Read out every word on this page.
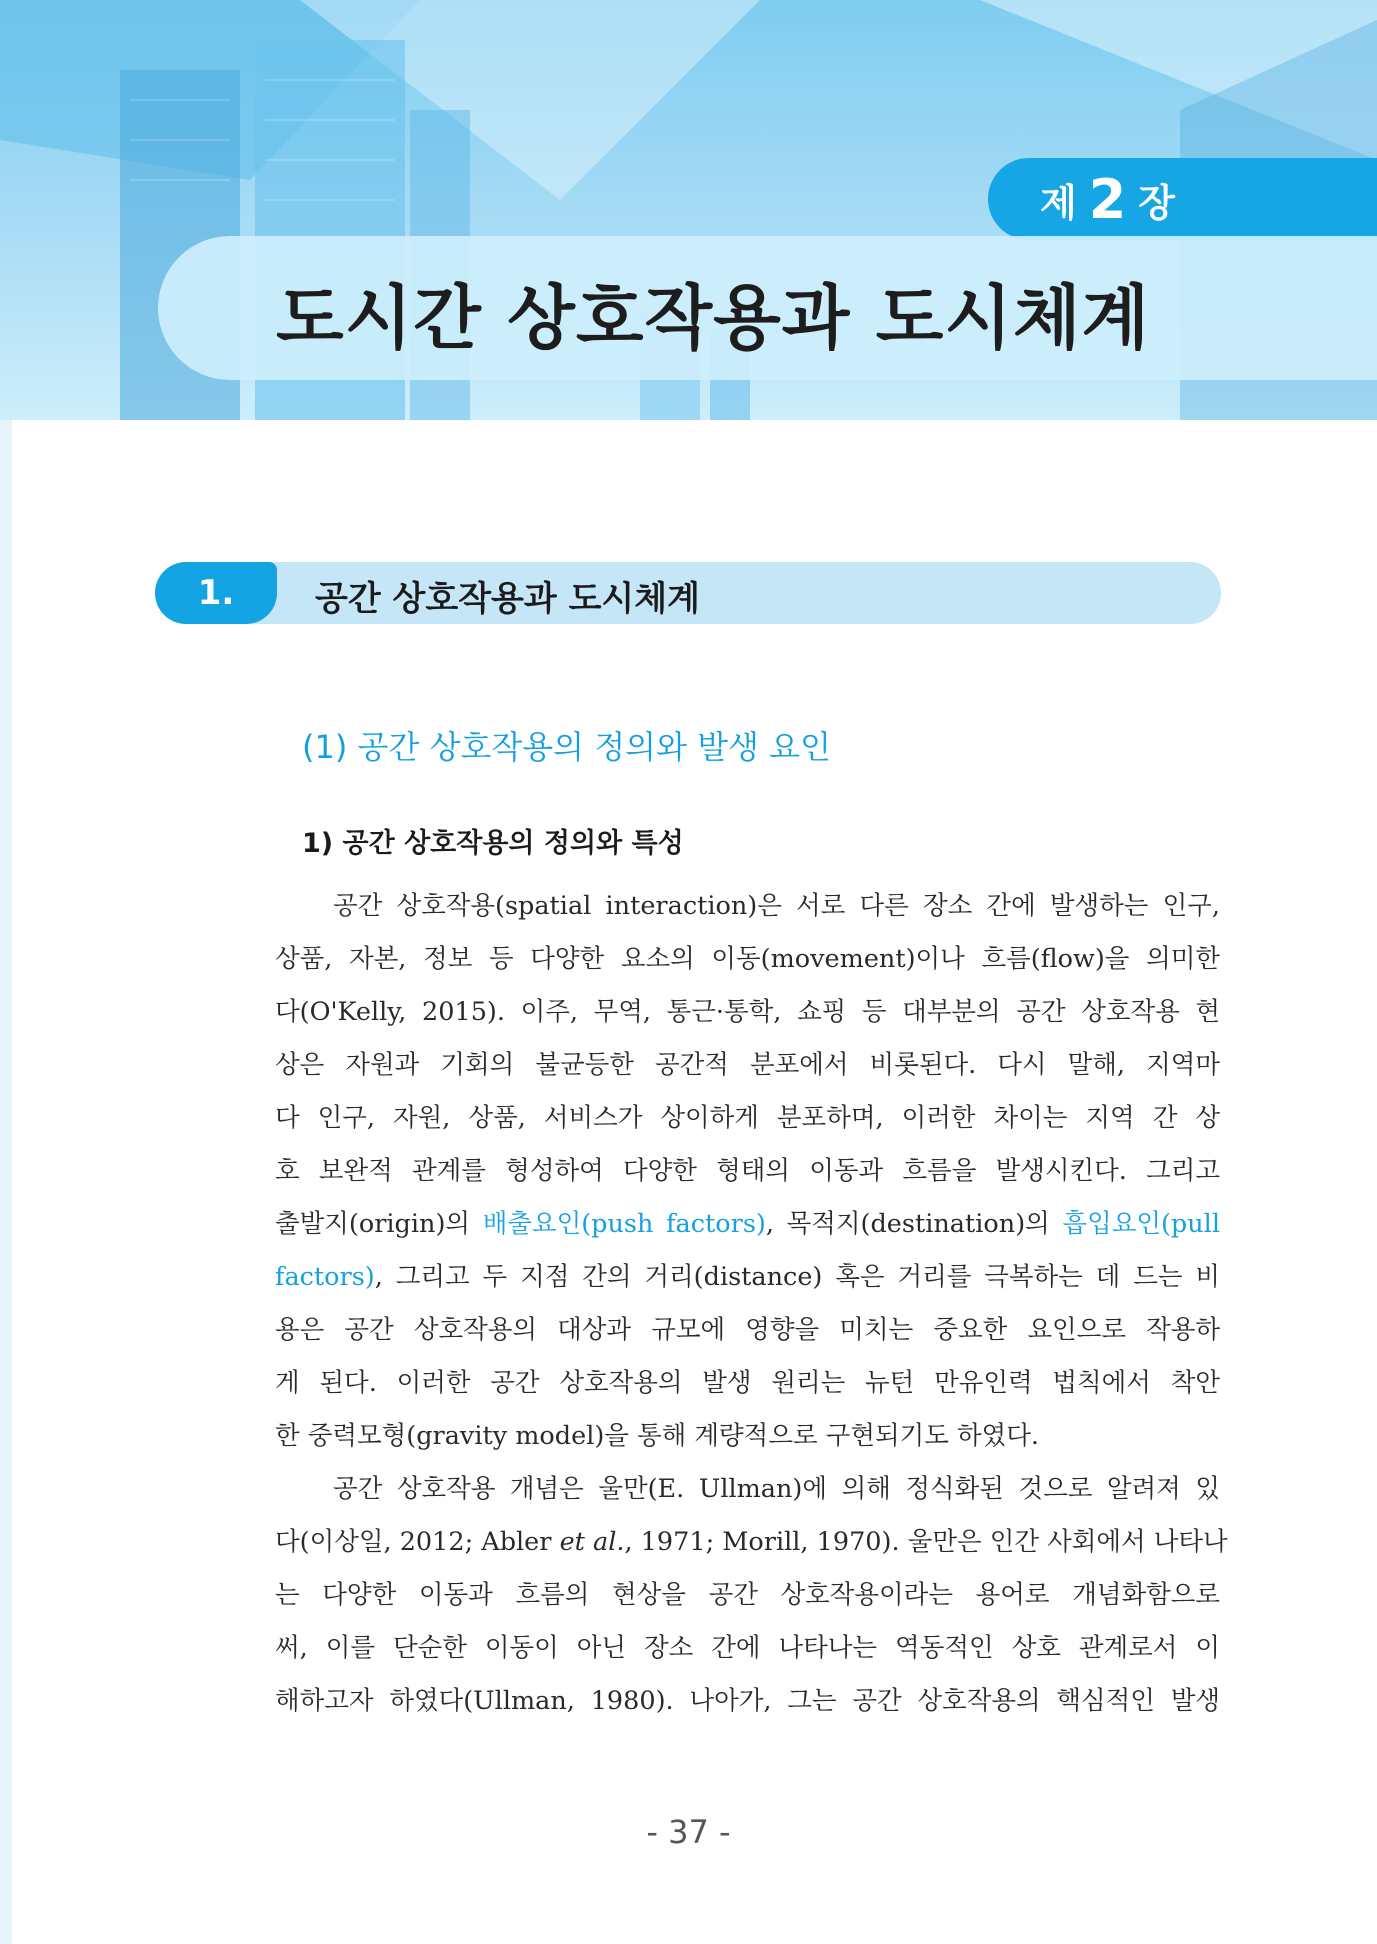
제 2 장
도시간 상호작용과 도시체계
1.	공간 상호작용과 도시체계
(1) 공간 상호작용의 정의와 발생 요인
1) 공간 상호작용의 정의와 특성
공간 상호작용(spatial interaction)은 서로 다른 장소 간에 발생하는 인구,
상품, 자본, 정보 등 다양한 요소의 이동(movement)이나 흐름(flow)을 의미한
다(O'Kelly, 2015). 이주, 무역, 통근·통학, 쇼핑 등 대부분의 공간 상호작용 현
상은 자원과 기회의 불균등한 공간적 분포에서 비롯된다. 다시 말해, 지역마
다 인구, 자원, 상품, 서비스가 상이하게 분포하며, 이러한 차이는 지역 간 상
호 보완적 관계를 형성하여 다양한 형태의 이동과 흐름을 발생시킨다. 그리고
출발지(origin)의 배출요인(push factors), 목적지(destination)의 흡입요인(pull
factors), 그리고 두 지점 간의 거리(distance) 혹은 거리를 극복하는 데 드는 비
용은 공간 상호작용의 대상과 규모에 영향을 미치는 중요한 요인으로 작용하
게 된다. 이러한 공간 상호작용의 발생 원리는 뉴턴 만유인력 법칙에서 착안
한 중력모형(gravity model)을 통해 계량적으로 구현되기도 하였다.
공간 상호작용 개념은 울만(E. Ullman)에 의해 정식화된 것으로 알려져 있
다(이상일, 2012; Abler et al., 1971; Morill, 1970). 울만은 인간 사회에서 나타나
는 다양한 이동과 흐름의 현상을 공간 상호작용이라는 용어로 개념화함으로
써, 이를 단순한 이동이 아닌 장소 간에 나타나는 역동적인 상호 관계로서 이
해하고자 하였다(Ullman, 1980). 나아가, 그는 공간 상호작용의 핵심적인 발생
- 37 -
